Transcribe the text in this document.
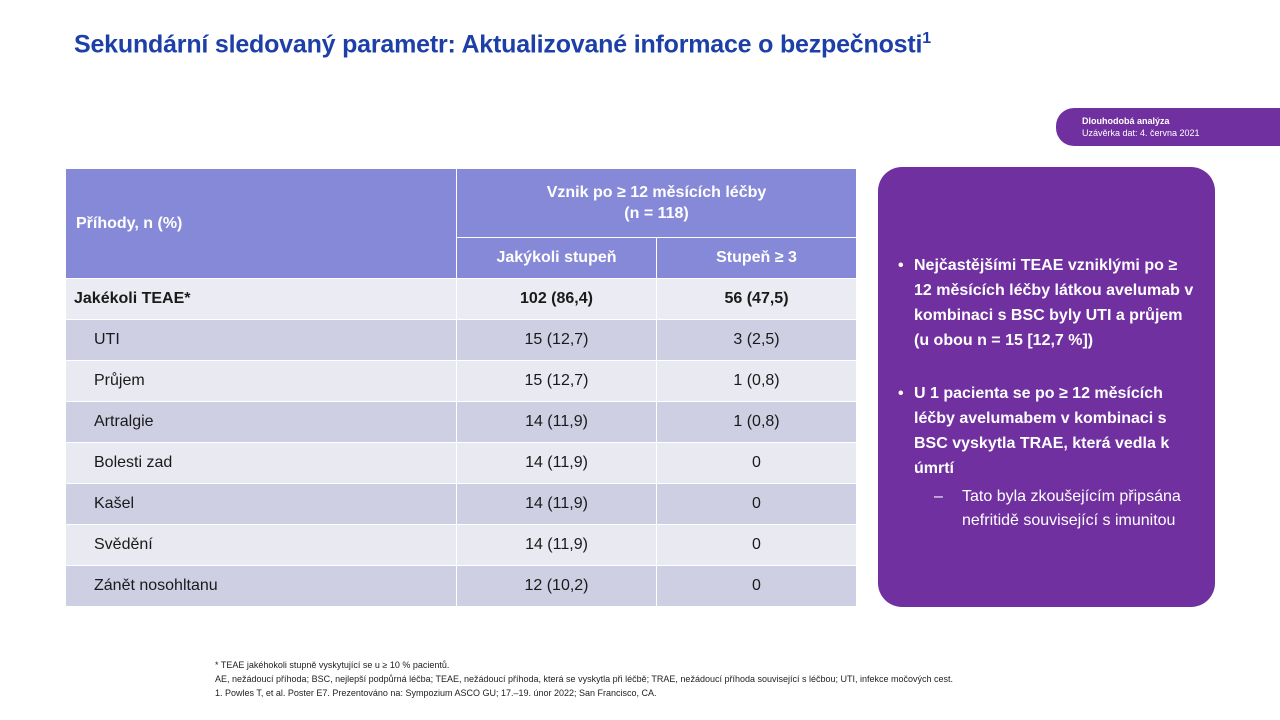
Sekundární sledovaný parametr: Aktualizované informace o bezpečnosti$^1$
Dlouhodobá analýza
Uzávěrka dat: 4. června 2021
Příhody, n (%)	Vznik po ≥ 12 měsících léčby
(n = 118)	

	Jakýkoli stupeň	Stupeň ≥ 3
Jakékoli TEAE*	102 (86,4)	56 (47,5)
UTI	15 (12,7)	3 (2,5)
Průjem	15 (12,7)	1 (0,8)
Artralgie	14 (11,9)	1 (0,8)
Bolesti zad	14 (11,9)	0
Kašel	14 (11,9)	0
Svědění	14 (11,9)	0
Zánět nosohltanu	12 (10,2)	0
• Nejčastějšími TEAE vzniklými po ≥ 12 měsících léčby látkou avelumab v kombinaci s BSC byly UTI a průjem (u obou n = 15 [12,7 %])
• U 1 pacienta se po ≥ 12 měsících léčby avelumabem v kombinaci s BSC vyskytla TRAE, která vedla k úmrtí
– Tato byla zkoušejícím připsána nefritidě související s imunitou
* TEAE jakéhokoli stupně vyskytující se u ≥ 10 % pacientů.
AE, nežádoucí příhoda; BSC, nejlepší podpůrná léčba; TEAE, nežádoucí příhoda, která se vyskytla při léčbě; TRAE, nežádoucí příhoda související s léčbou; UTI, infekce močových cest.
1. Powles T, et al. Poster E7. Prezentováno na: Sympozium ASCO GU; 17.–19. únor 2022; San Francisco, CA.
